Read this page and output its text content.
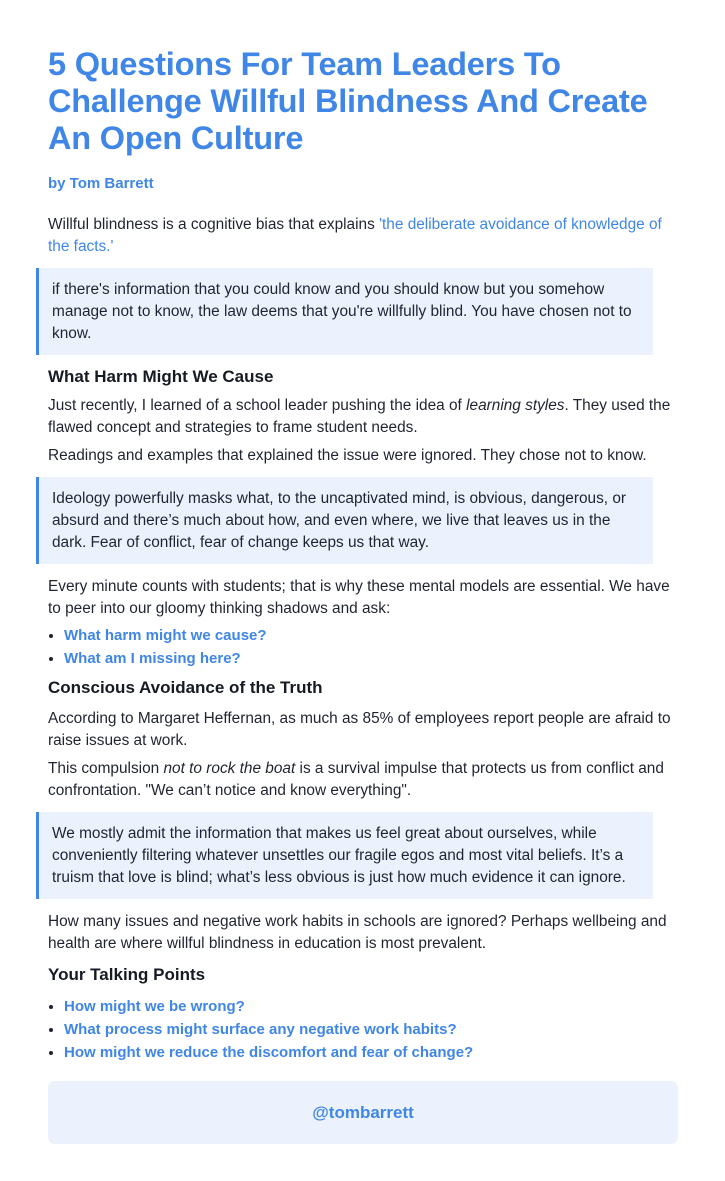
5 Questions For Team Leaders To Challenge Willful Blindness And Create An Open Culture
by Tom Barrett

Willful blindness is a cognitive bias that explains 'the deliberate avoidance of knowledge of the facts.'

if there's information that you could know and you should know but you somehow manage not to know, the law deems that you're willfully blind. You have chosen not to know.
What Harm Might We Cause

Just recently, I learned of a school leader pushing the idea of learning styles. They used the flawed concept and strategies to frame student needs.

Readings and examples that explained the issue were ignored. They chose not to know.

Ideology powerfully masks what, to the uncaptivated mind, is obvious, dangerous, or absurd and there’s much about how, and even where, we live that leaves us in the dark. Fear of conflict, fear of change keeps us that way.

Every minute counts with students; that is why these mental models are essential. We have to peer into our gloomy thinking shadows and ask:

• What harm might we cause?
• What am I missing here?
Conscious Avoidance of the Truth

According to Margaret Heffernan, as much as 85% of employees report people are afraid to raise issues at work.

This compulsion not to rock the boat is a survival impulse that protects us from conflict and confrontation. "We can’t notice and know everything".

We mostly admit the information that makes us feel great about ourselves, while conveniently filtering whatever unsettles our fragile egos and most vital beliefs. It’s a truism that love is blind; what’s less obvious is just how much evidence it can ignore.

How many issues and negative work habits in schools are ignored? Perhaps wellbeing and health are where willful blindness in education is most prevalent.

Your Talking Points
• How might we be wrong?
• What process might surface any negative work habits?
• How might we reduce the discomfort and fear of change?
@tombarrett
